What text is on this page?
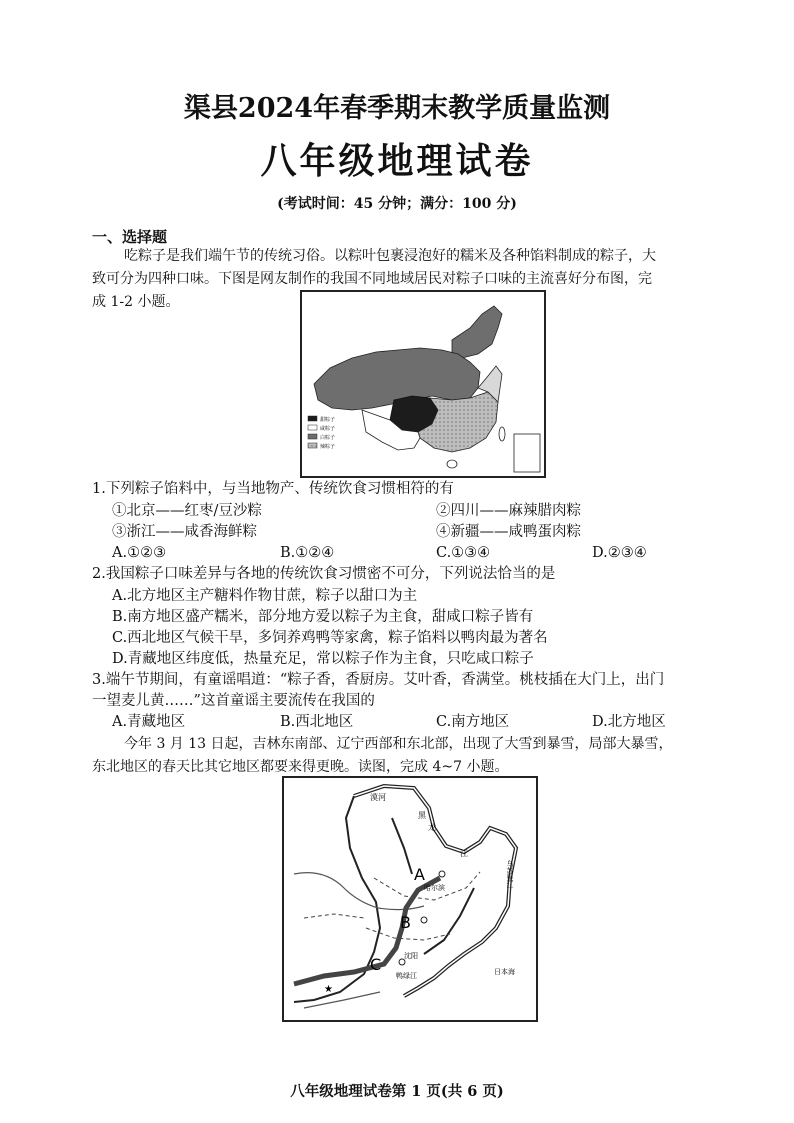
渠县2024年春季期末教学质量监测
八年级地理试卷
(考试时间：45 分钟；满分：100 分)
一、选择题
吃粽子是我们端午节的传统习俗。以粽叶包裹浸泡好的糯米及各种馅料制成的粽子，大
致可分为四种口味。下图是网友制作的我国不同地域居民对粽子口味的主流喜好分布图，完
成 1-2 小题。
甜粽子
咸粽子
白粽子
辣粽子
1.下列粽子馅料中，与当地物产、传统饮食习惯相符的有
①北京——红枣/豆沙粽	②四川——麻辣腊肉粽
③浙江——咸香海鲜粽	④新疆——咸鸭蛋肉粽
A.①②③	B.①②④	C.①③④	D.②③④
2.我国粽子口味差异与各地的传统饮食习惯密不可分，下列说法恰当的是
A.北方地区主产糖料作物甘蔗，粽子以甜口为主
B.南方地区盛产糯米，部分地方爱以粽子为主食，甜咸口粽子皆有
C.西北地区气候干旱，多饲养鸡鸭等家禽，粽子馅料以鸭肉最为著名
D.青藏地区纬度低，热量充足，常以粽子作为主食，只吃咸口粽子
3.端午节期间，有童谣唱道：“粽子香，香厨房。艾叶香，香满堂。桃枝插在大门上，出门
一望麦儿黄……”这首童谣主要流传在我国的
A.青藏地区	B.西北地区	C.南方地区	D.北方地区
今年 3 月 13 日起，吉林东南部、辽宁西部和东北部，出现了大雪到暴雪，局部大暴雪，
东北地区的春天比其它地区都要来得更晚。读图，完成 4~7 小题。
漠河
黑
龙
江
乌苏里江
A
B
C
哈尔滨
沈阳
鸭绿江	日本海
★
八年级地理试卷第 1 页(共 6 页)
